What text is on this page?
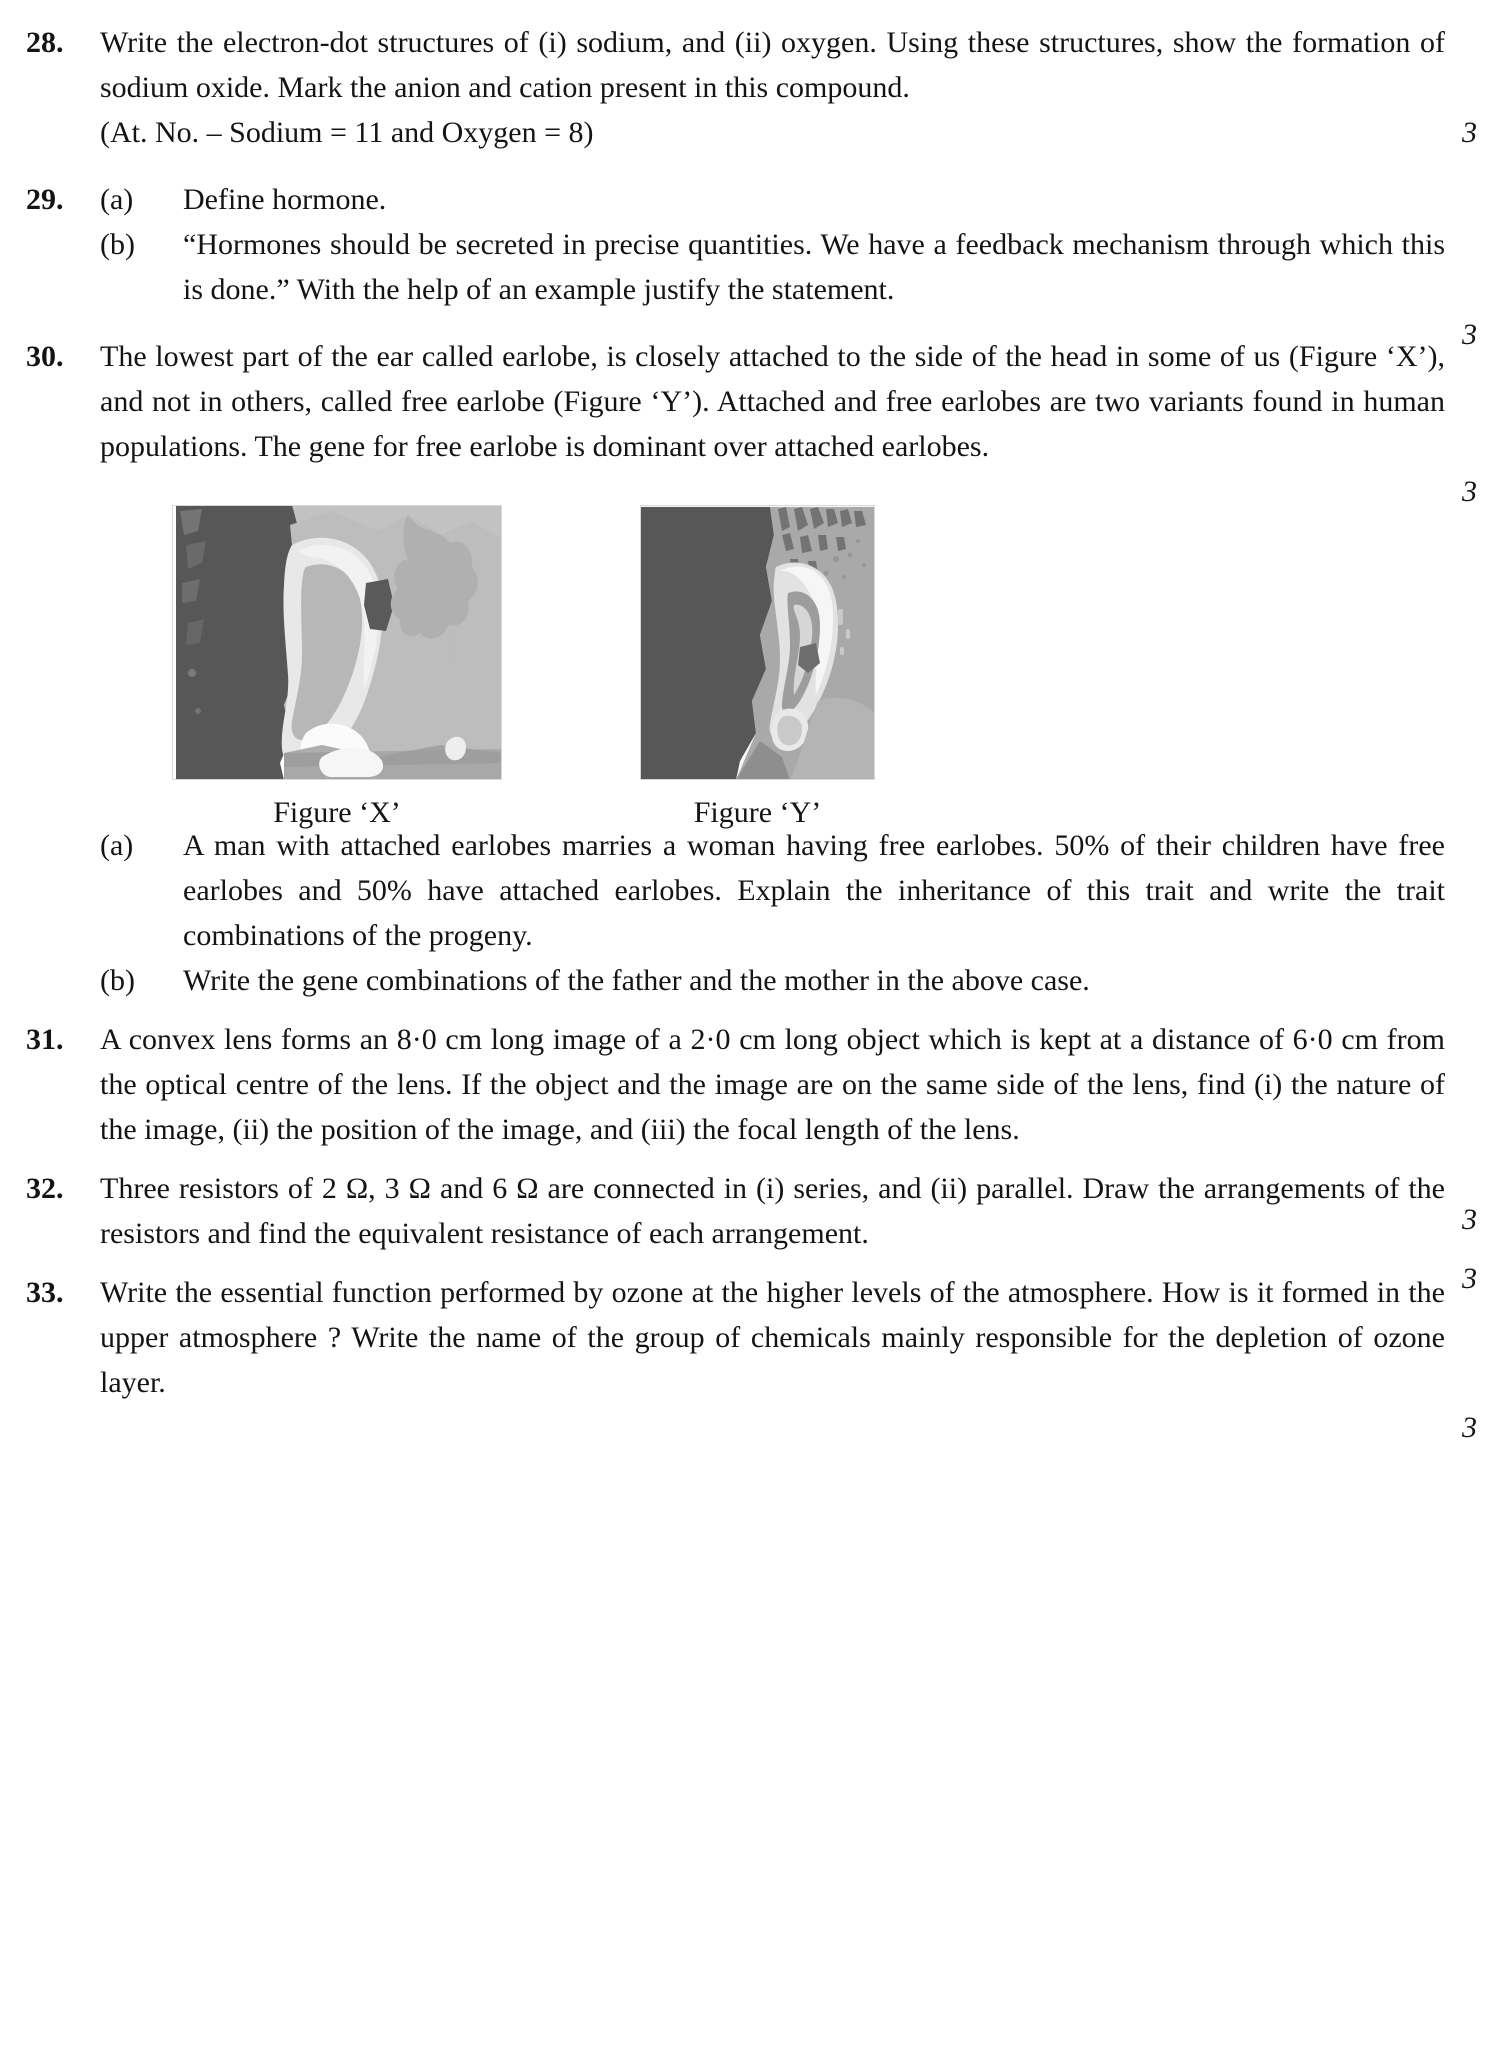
28.	Write the electron-dot structures of (i) sodium, and (ii) oxygen. Using these structures, show the formation of sodium oxide. Mark the anion and cation present in this compound.

(At. No. – Sodium = 11 and Oxygen = 8)	3
29.	(a)	Define hormone.

(b)	“Hormones should be secreted in precise quantities. We have a feedback mechanism through which this is done.” With the help of an example justify the statement.

3
30.	The lowest part of the ear called earlobe, is closely attached to the side of the head in some of us (Figure ‘X’), and not in others, called free earlobe (Figure ‘Y’). Attached and free earlobes are two variants found in human populations. The gene for free earlobe is dominant over attached earlobes.

3
Figure ‘X’	Figure ‘Y’
(a)	A man with attached earlobes marries a woman having free earlobes. 50% of their children have free earlobes and 50% have attached earlobes. Explain the inheritance of this trait and write the trait combinations of the progeny.

(b)	Write the gene combinations of the father and the mother in the above case.

31.	A convex lens forms an 8·0 cm long image of a 2·0 cm long object which is kept at a distance of 6·0 cm from the optical centre of the lens. If the object and the image are on the same side of the lens, find (i) the nature of the image, (ii) the position of the image, and (iii) the focal length of the lens.

3
32.	Three resistors of 2 Ω, 3 Ω and 6 Ω are connected in (i) series, and (ii) parallel. Draw the arrangements of the resistors and find the equivalent resistance of each arrangement.

3
33.	Write the essential function performed by ozone at the higher levels of the atmosphere. How is it formed in the upper atmosphere ? Write the name of the group of chemicals mainly responsible for the depletion of ozone layer.

3
